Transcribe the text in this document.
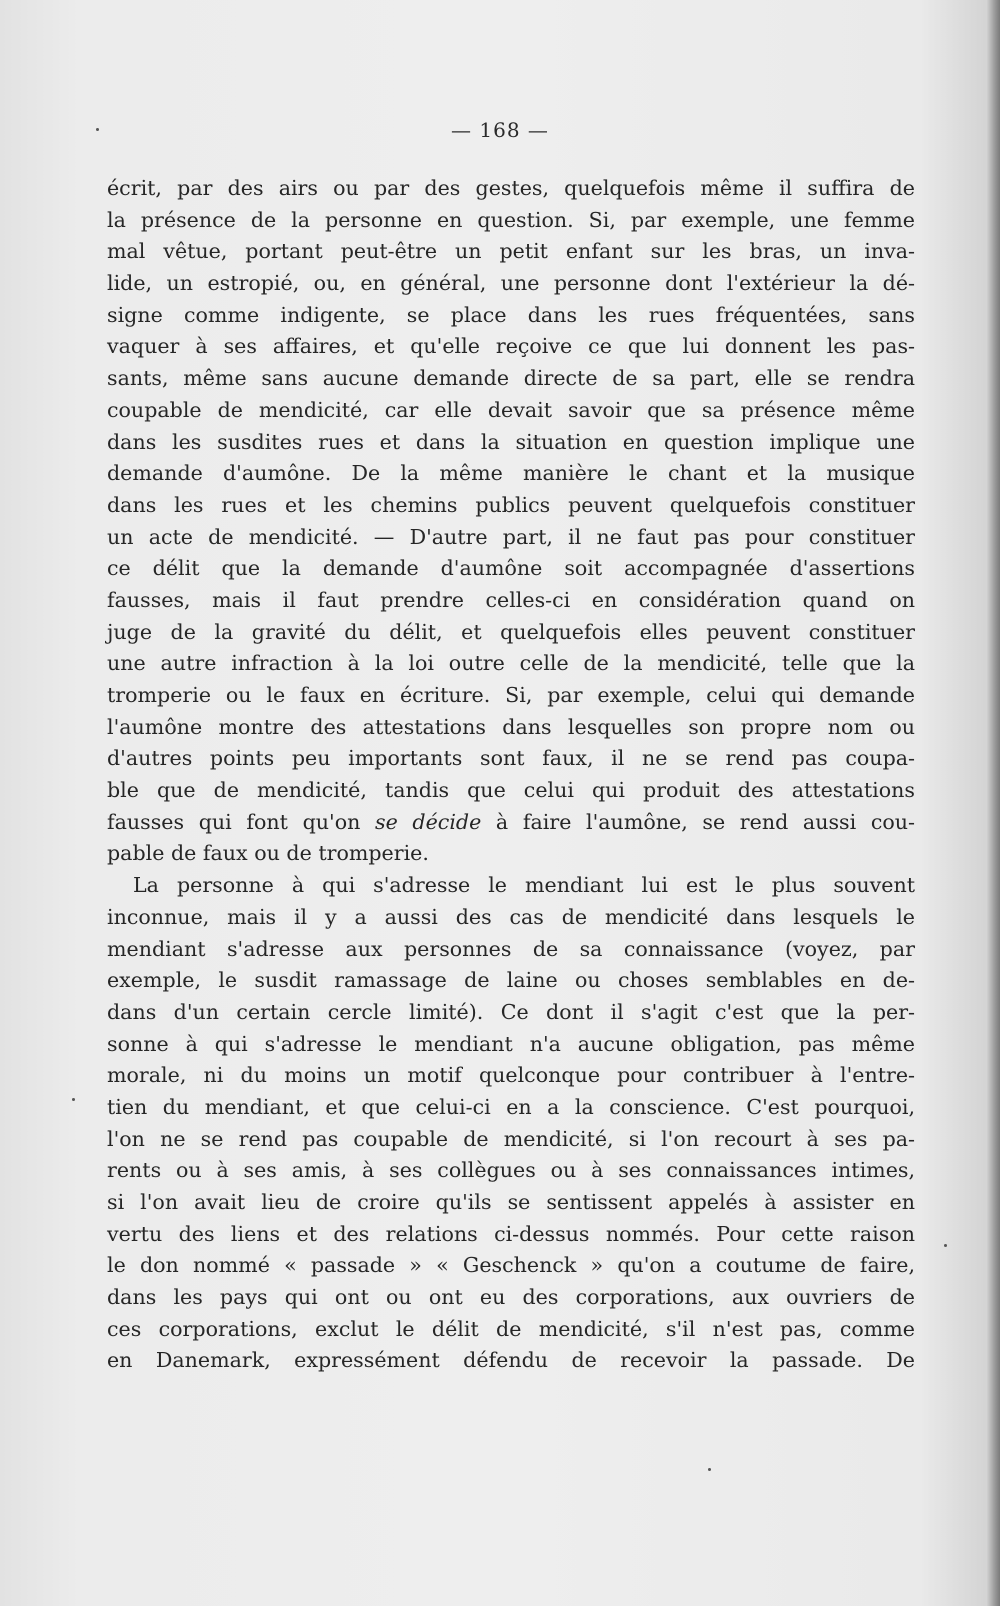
— 168 —
écrit, par des airs ou par des gestes, quelquefois même il suffira de
la présence de la personne en question. Si, par exemple, une femme
mal vêtue, portant peut-être un petit enfant sur les bras, un inva-
lide, un estropié, ou, en général, une personne dont l'extérieur la dé-
signe comme indigente, se place dans les rues fréquentées, sans
vaquer à ses affaires, et qu'elle reçoive ce que lui donnent les pas-
sants, même sans aucune demande directe de sa part, elle se rendra
coupable de mendicité, car elle devait savoir que sa présence même
dans les susdites rues et dans la situation en question implique une
demande d'aumône. De la même manière le chant et la musique
dans les rues et les chemins publics peuvent quelquefois constituer
un acte de mendicité. — D'autre part, il ne faut pas pour constituer
ce délit que la demande d'aumône soit accompagnée d'assertions
fausses, mais il faut prendre celles-ci en considération quand on
juge de la gravité du délit, et quelquefois elles peuvent constituer
une autre infraction à la loi outre celle de la mendicité, telle que la
tromperie ou le faux en écriture. Si, par exemple, celui qui demande
l'aumône montre des attestations dans lesquelles son propre nom ou
d'autres points peu importants sont faux, il ne se rend pas coupa-
ble que de mendicité, tandis que celui qui produit des attestations
fausses qui font qu'on se décide à faire l'aumône, se rend aussi cou-
pable de faux ou de tromperie.
La personne à qui s'adresse le mendiant lui est le plus souvent
inconnue, mais il y a aussi des cas de mendicité dans lesquels le
mendiant s'adresse aux personnes de sa connaissance (voyez, par
exemple, le susdit ramassage de laine ou choses semblables en de-
dans d'un certain cercle limité). Ce dont il s'agit c'est que la per-
sonne à qui s'adresse le mendiant n'a aucune obligation, pas même
morale, ni du moins un motif quelconque pour contribuer à l'entre-
tien du mendiant, et que celui-ci en a la conscience. C'est pourquoi,
l'on ne se rend pas coupable de mendicité, si l'on recourt à ses pa-
rents ou à ses amis, à ses collègues ou à ses connaissances intimes,
si l'on avait lieu de croire qu'ils se sentissent appelés à assister en
vertu des liens et des relations ci-dessus nommés. Pour cette raison
le don nommé « passade » « Geschenck » qu'on a coutume de faire,
dans les pays qui ont ou ont eu des corporations, aux ouvriers de
ces corporations, exclut le délit de mendicité, s'il n'est pas, comme
en Danemark, expressément défendu de recevoir la passade. De
